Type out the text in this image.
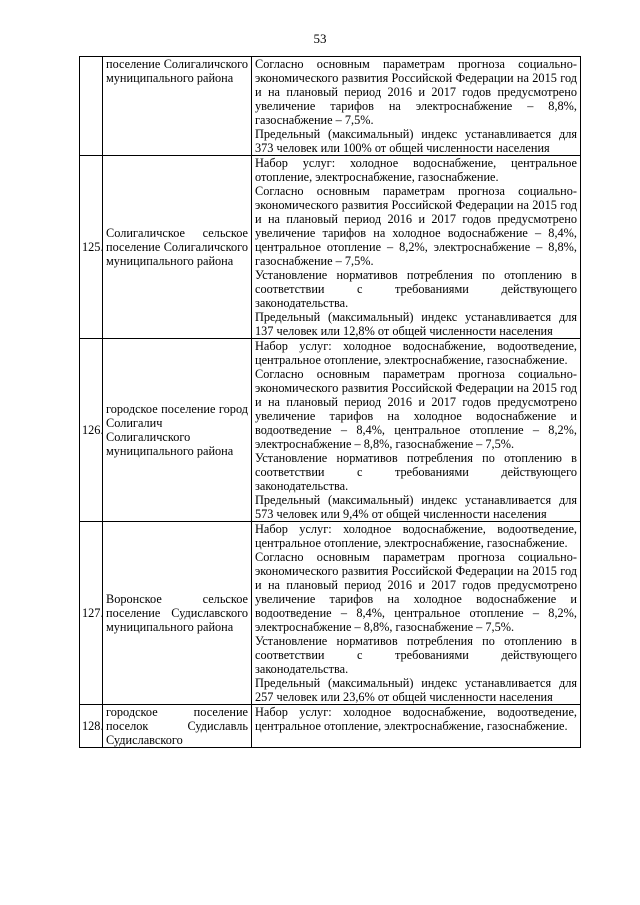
53
	поселение Солигаличского муниципального района	Согласно основным параметрам прогноза социально-экономического развития Российской Федерации на 2015 год и на плановый период 2016 и 2017 годов предусмотрено увеличение тарифов на электроснабжение – 8,8%, газоснабжение – 7,5%.
Предельный (максимальный) индекс устанавливается для 373 человек или 100% от общей численности населения

125.	Солигаличское сельское поселение Солигаличского муниципального района	Набор услуг: холодное водоснабжение, центральное отопление, электроснабжение, газоснабжение.
Согласно основным параметрам прогноза социально-экономического развития Российской Федерации на 2015 год и на плановый период 2016 и 2017 годов предусмотрено увеличение тарифов на холодное водоснабжение – 8,4%, центральное отопление – 8,2%, электроснабжение – 8,8%, газоснабжение – 7,5%.
Установление нормативов потребления по отоплению в соответствии с требованиями действующего законодательства.
Предельный (максимальный) индекс устанавливается для 137 человек или 12,8% от общей численности населения

126.	городское поселение город Солигалич Солигаличского муниципального района	Набор услуг: холодное водоснабжение, водоотведение, центральное отопление, электроснабжение, газоснабжение.
Согласно основным параметрам прогноза социально-экономического развития Российской Федерации на 2015 год и на плановый период 2016 и 2017 годов предусмотрено увеличение тарифов на холодное водоснабжение и водоотведение – 8,4%, центральное отопление – 8,2%, электроснабжение – 8,8%, газоснабжение – 7,5%.
Установление нормативов потребления по отоплению в соответствии с требованиями действующего законодательства.
Предельный (максимальный) индекс устанавливается для 573 человек или 9,4% от общей численности населения

127.	Воронское сельское поселение Судиславского муниципального района	Набор услуг: холодное водоснабжение, водоотведение, центральное отопление, электроснабжение, газоснабжение.
Согласно основным параметрам прогноза социально-экономического развития Российской Федерации на 2015 год и на плановый период 2016 и 2017 годов предусмотрено увеличение тарифов на холодное водоснабжение и водоотведение – 8,4%, центральное отопление – 8,2%, электроснабжение – 8,8%, газоснабжение – 7,5%.
Установление нормативов потребления по отоплению в соответствии с требованиями действующего законодательства.
Предельный (максимальный) индекс устанавливается для 257 человек или 23,6% от общей численности населения

128.	городское поселение поселок Судиславль Судиславского	Набор услуг: холодное водоснабжение, водоотведение, центральное отопление, электроснабжение, газоснабжение.
